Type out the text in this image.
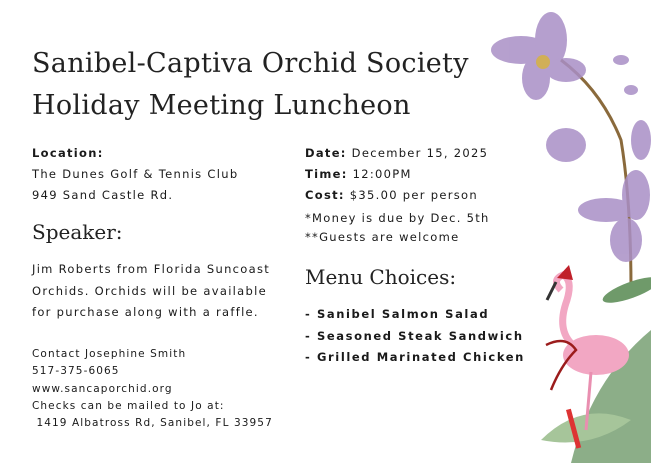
Sanibel-Captiva Orchid Society
Holiday Meeting Luncheon
Location:
The Dunes Golf & Tennis Club
949 Sand Castle Rd.
Speaker:
Jim Roberts from Florida Suncoast
Orchids. Orchids will be available
for purchase along with a raffle.
Contact Josephine Smith
517-375-6065
www.sancaporchid.org
Checks can be mailed to Jo at:
1419 Albatross Rd, Sanibel, FL 33957
Date: December 15, 2025
Time: 12:00PM
Cost: $35.00 per person
*Money is due by Dec. 5th
**Guests are welcome
Menu Choices:
- Sanibel Salmon Salad
- Seasoned Steak Sandwich
- Grilled Marinated Chicken
